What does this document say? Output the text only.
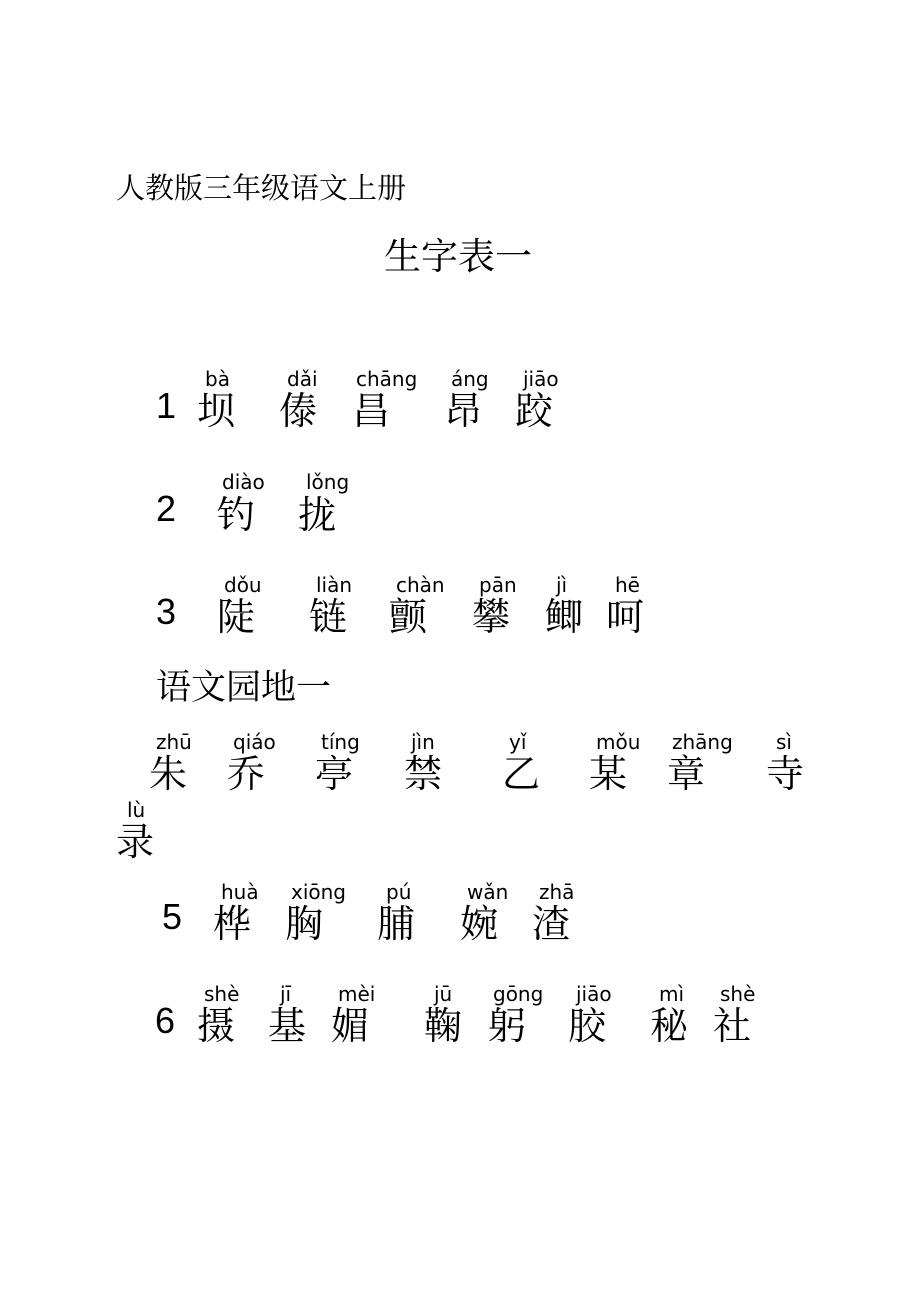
人教版三年级语文上册
生字表一
1
bà
坝
dǎi
傣
chāng
昌
áng
昂
jiāo
跤
2
diào
钓
lǒng
拢
3
dǒu
陡
liàn
链
chàn
颤
pān
攀
jì
鲫
hē
呵
语文园地一
zhū
朱
qiáo
乔
tíng
亭
jìn
禁
yǐ
乙
mǒu
某
zhāng
章
sì
寺
lù
录
5
huà
桦
xiōng
胸
pú
脯
wǎn
婉
zhā
渣
6
shè
摄
jī
基
mèi
媚
jū
鞠
gōng
躬
jiāo
胶
mì
秘
shè
社
